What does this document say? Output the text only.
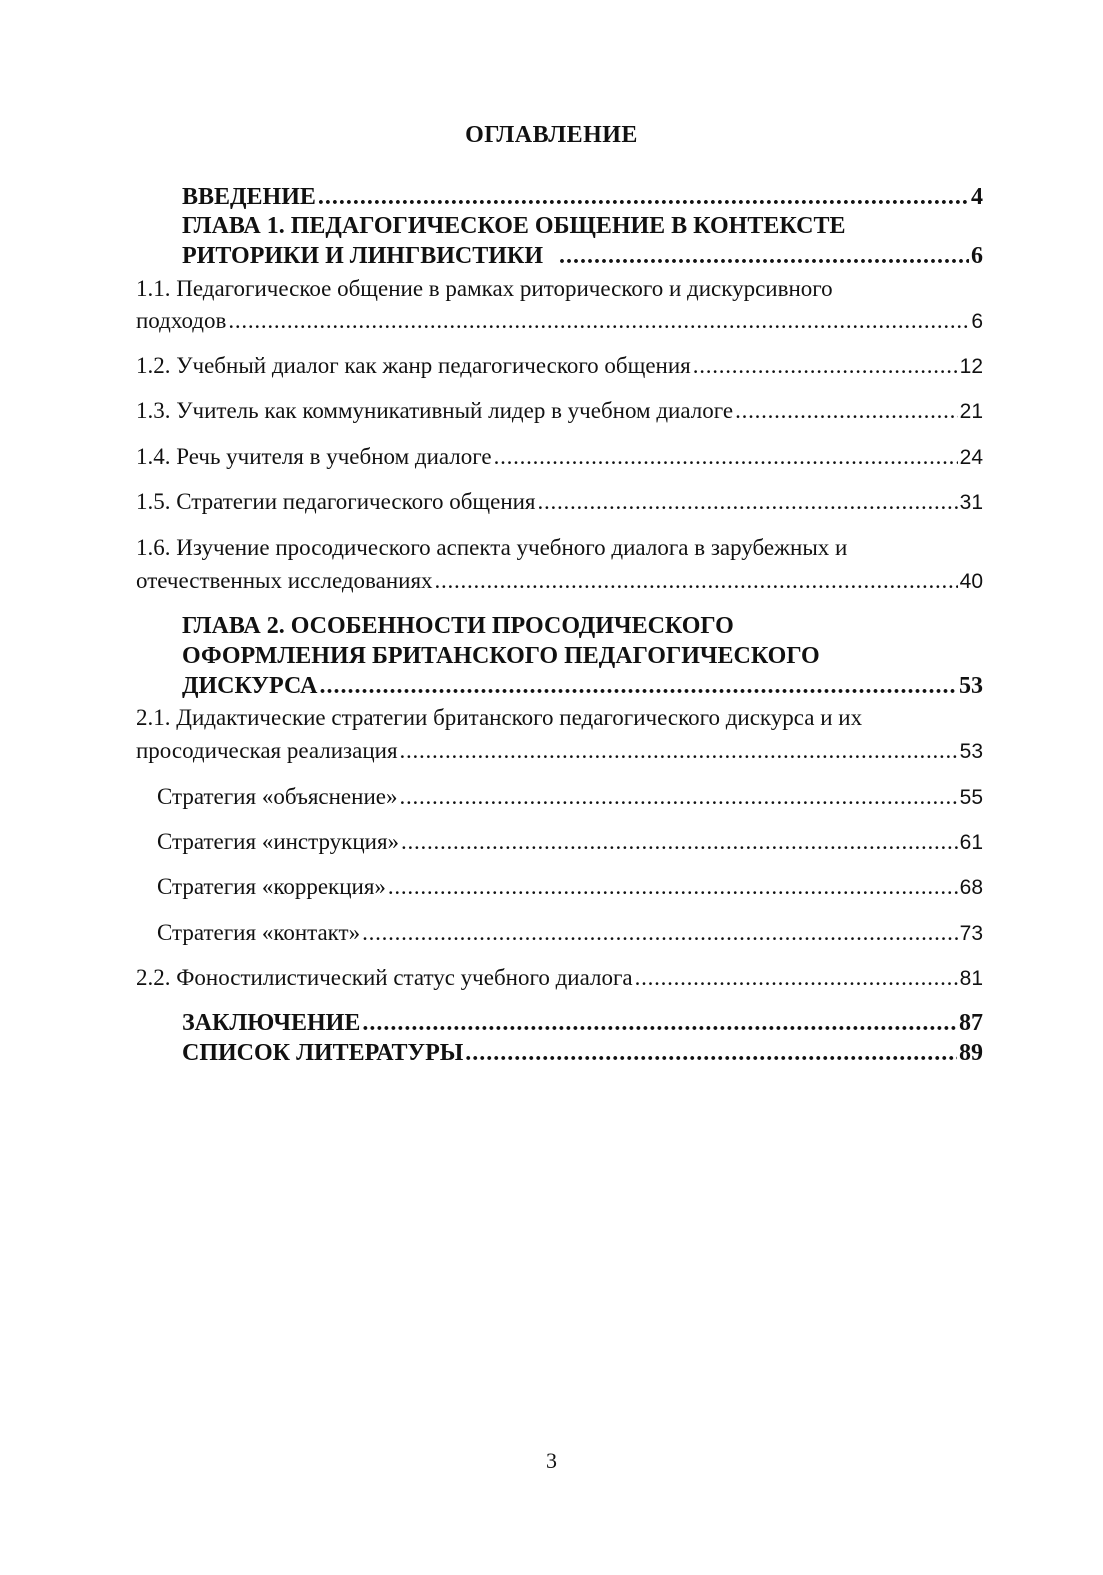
ОГЛАВЛЕНИЕ
ВВЕДЕНИЕ . . .	4
ГЛАВА 1. ПЕДАГОГИЧЕСКОЕ ОБЩЕНИЕ В КОНТЕКСТЕ
РИТОРИКИ И ЛИНГВИСТИКИ . . .	6
1.1. Педагогическое общение в рамках риторического и дискурсивного
подходов . . .	6
1.2. Учебный диалог как жанр педагогического общения . . .	12
1.3. Учитель как коммуникативный лидер в учебном диалоге . . .	21
1.4. Речь учителя в учебном диалоге . . .	24
1.5. Стратегии педагогического общения . . .	31
1.6. Изучение просодического аспекта учебного диалога в зарубежных и
отечественных исследованиях . . .	40
ГЛАВА 2. ОСОБЕННОСТИ ПРОСОДИЧЕСКОГО
ОФОРМЛЕНИЯ БРИТАНСКОГО ПЕДАГОГИЧЕСКОГО
ДИСКУРСА . . .	53
2.1. Дидактические стратегии британского педагогического дискурса и их
просодическая реализация . . .	53
Стратегия «объяснение» . . .	55
Стратегия «инструкция» . . .	61
Стратегия «коррекция» . . .	68
Стратегия «контакт» . . .	73
2.2. Фоностилистический статус учебного диалога . . .	81
ЗАКЛЮЧЕНИЕ . . .	87
СПИСОК ЛИТЕРАТУРЫ . . .	89
3
